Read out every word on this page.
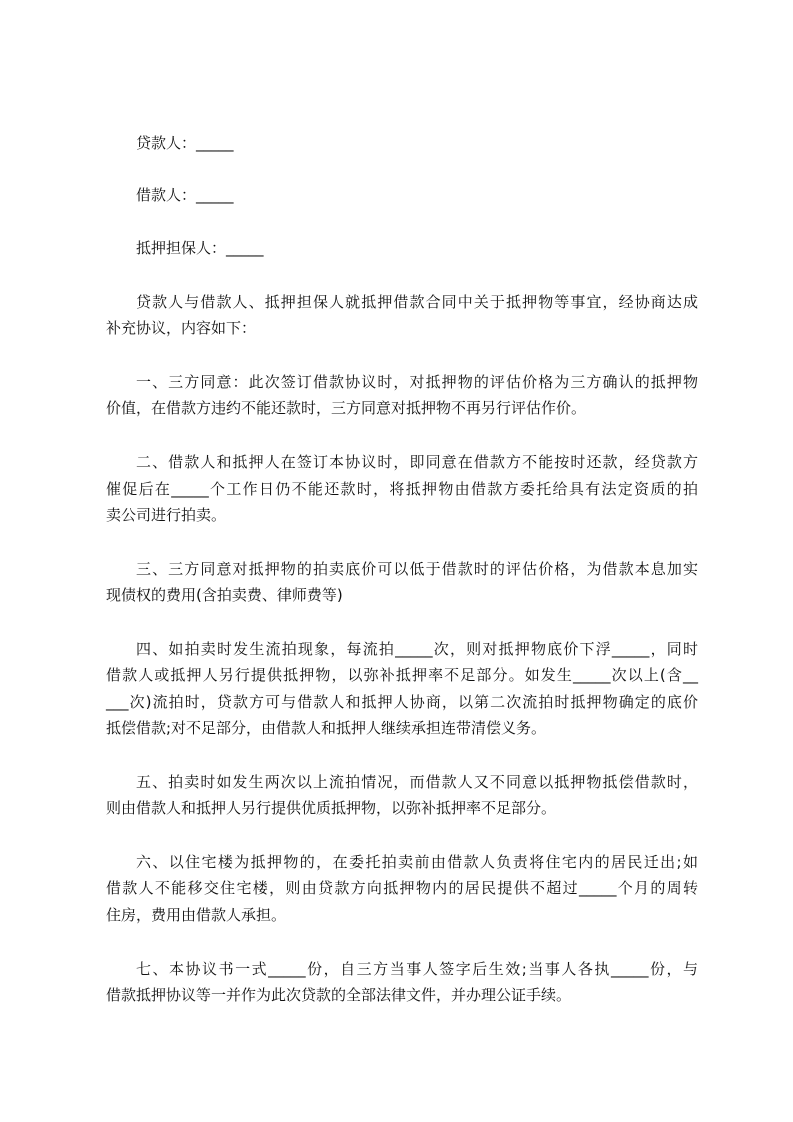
贷款人：_____
借款人：_____
抵押担保人：_____
贷款人与借款人、抵押担保人就抵押借款合同中关于抵押物等事宜，经协商达成
补充协议，内容如下：
一、三方同意：此次签订借款协议时，对抵押物的评估价格为三方确认的抵押物
价值，在借款方违约不能还款时，三方同意对抵押物不再另行评估作价。
二、借款人和抵押人在签订本协议时，即同意在借款方不能按时还款，经贷款方
催促后在_____个工作日仍不能还款时，将抵押物由借款方委托给具有法定资质的拍
卖公司进行拍卖。
三、三方同意对抵押物的拍卖底价可以低于借款时的评估价格，为借款本息加实
现债权的费用(含拍卖费、律师费等)
四、如拍卖时发生流拍现象，每流拍_____次，则对抵押物底价下浮_____，同时
借款人或抵押人另行提供抵押物，以弥补抵押率不足部分。如发生_____次以上(含__
___次)流拍时，贷款方可与借款人和抵押人协商，以第二次流拍时抵押物确定的底价
抵偿借款;对不足部分，由借款人和抵押人继续承担连带清偿义务。
五、拍卖时如发生两次以上流拍情况，而借款人又不同意以抵押物抵偿借款时，
则由借款人和抵押人另行提供优质抵押物，以弥补抵押率不足部分。
六、以住宅楼为抵押物的，在委托拍卖前由借款人负责将住宅内的居民迁出;如
借款人不能移交住宅楼，则由贷款方向抵押物内的居民提供不超过_____个月的周转
住房，费用由借款人承担。
七、本协议书一式_____份，自三方当事人签字后生效;当事人各执_____份，与
借款抵押协议等一并作为此次贷款的全部法律文件，并办理公证手续。
